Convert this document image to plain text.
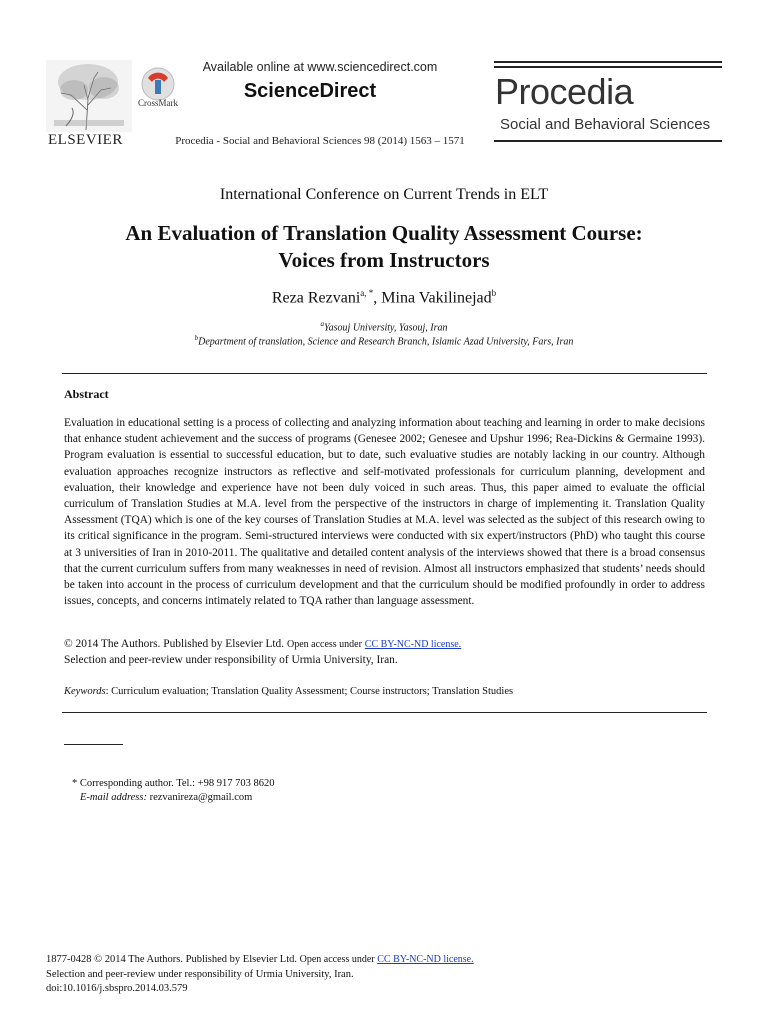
ELSEVIER
CrossMark
Available online at www.sciencedirect.com
ScienceDirect
Procedia - Social and Behavioral Sciences 98 (2014) 1563 – 1571
Procedia
Social and Behavioral Sciences
International Conference on Current Trends in ELT
An Evaluation of Translation Quality Assessment Course:
Voices from Instructors
Reza Rezvani$^{a, *}$, Mina Vakilinejad$^b$
$^a$Yasouj University, Yasouj, Iran
$^b$Department of translation, Science and Research Branch, Islamic Azad University, Fars, Iran
Abstract
Evaluation in educational setting is a process of collecting and analyzing information about teaching and learning in order to make decisions that enhance student achievement and the success of programs (Genesee 2002; Genesee and Upshur 1996; Rea-Dickins & Germaine 1993). Program evaluation is essential to successful education, but to date, such evaluative studies are notably lacking in our country. Although evaluation approaches recognize instructors as reflective and self-motivated professionals for curriculum planning, development and evaluation, their knowledge and experience have not been duly voiced in such areas. Thus, this paper aimed to evaluate the official curriculum of Translation Studies at M.A. level from the perspective of the instructors in charge of implementing it. Translation Quality Assessment (TQA) which is one of the key courses of Translation Studies at M.A. level was selected as the subject of this research owing to its critical significance in the program. Semi-structured interviews were conducted with six expert/instructors (PhD) who taught this course at 3 universities of Iran in 2010-2011. The qualitative and detailed content analysis of the interviews showed that there is a broad consensus that the current curriculum suffers from many weaknesses in need of revision. Almost all instructors emphasized that students’ needs should be taken into account in the process of curriculum development and that the curriculum should be modified profoundly in order to address issues, concepts, and concerns intimately related to TQA rather than language assessment.
© 2014 The Authors. Published by Elsevier Ltd. Open access under CC BY-NC-ND license.
Selection and peer-review under responsibility of Urmia University, Iran.
Keywords: Curriculum evaluation; Translation Quality Assessment; Course instructors; Translation Studies
* Corresponding author. Tel.: +98 917 703 8620
E-mail address: rezvanireza@gmail.com
1877-0428 © 2014 The Authors. Published by Elsevier Ltd. Open access under CC BY-NC-ND license.
Selection and peer-review under responsibility of Urmia University, Iran.
doi:10.1016/j.sbspro.2014.03.579
